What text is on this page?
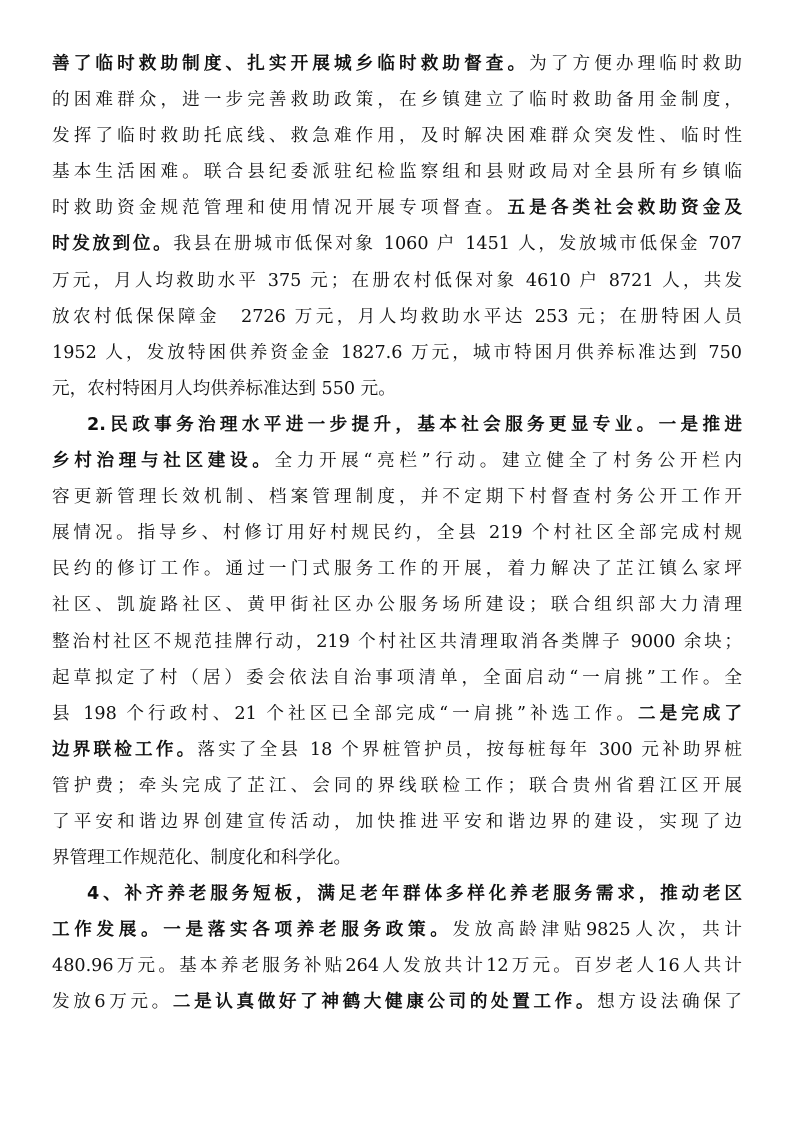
善了临时救助制度、扎实开展城乡临时救助督查。为了方便办理临时救助
的困难群众，进一步完善救助政策，在乡镇建立了临时救助备用金制度，
发挥了临时救助托底线、救急难作用，及时解决困难群众突发性、临时性
基本生活困难。联合县纪委派驻纪检监察组和县财政局对全县所有乡镇临
时救助资金规范管理和使用情况开展专项督查。五是各类社会救助资金及
时发放到位。我县在册城市低保对象 1060 户 1451 人，发放城市低保金 707
万元，月人均救助水平 375 元；在册农村低保对象 4610 户 8721 人，共发
放农村低保保障金　2726 万元，月人均救助水平达 253 元；在册特困人员
1952 人，发放特困供养资金金 1827.6 万元，城市特困月供养标准达到 750
元，农村特困月人均供养标准达到 550 元。
2.民政事务治理水平进一步提升，基本社会服务更显专业。一是推进
乡村治理与社区建设。全力开展“亮栏”行动。建立健全了村务公开栏内
容更新管理长效机制、档案管理制度，并不定期下村督查村务公开工作开
展情况。指导乡、村修订用好村规民约，全县 219 个村社区全部完成村规
民约的修订工作。通过一门式服务工作的开展，着力解决了芷江镇么家坪
社区、凯旋路社区、黄甲街社区办公服务场所建设；联合组织部大力清理
整治村社区不规范挂牌行动，219 个村社区共清理取消各类牌子 9000 余块；
起草拟定了村（居）委会依法自治事项清单，全面启动“一肩挑”工作。全
县 198 个行政村、21 个社区已全部完成“一肩挑”补选工作。二是完成了
边界联检工作。落实了全县 18 个界桩管护员，按每桩每年 300 元补助界桩
管护费；牵头完成了芷江、会同的界线联检工作；联合贵州省碧江区开展
了平安和谐边界创建宣传活动，加快推进平安和谐边界的建设，实现了边
界管理工作规范化、制度化和科学化。
4、补齐养老服务短板，满足老年群体多样化养老服务需求，推动老区
工作发展。一是落实各项养老服务政策。发放高龄津贴9825人次，共计
480.96万元。基本养老服务补贴264人发放共计12万元。百岁老人16人共计
发放6万元。二是认真做好了神鹤大健康公司的处置工作。想方设法确保了
